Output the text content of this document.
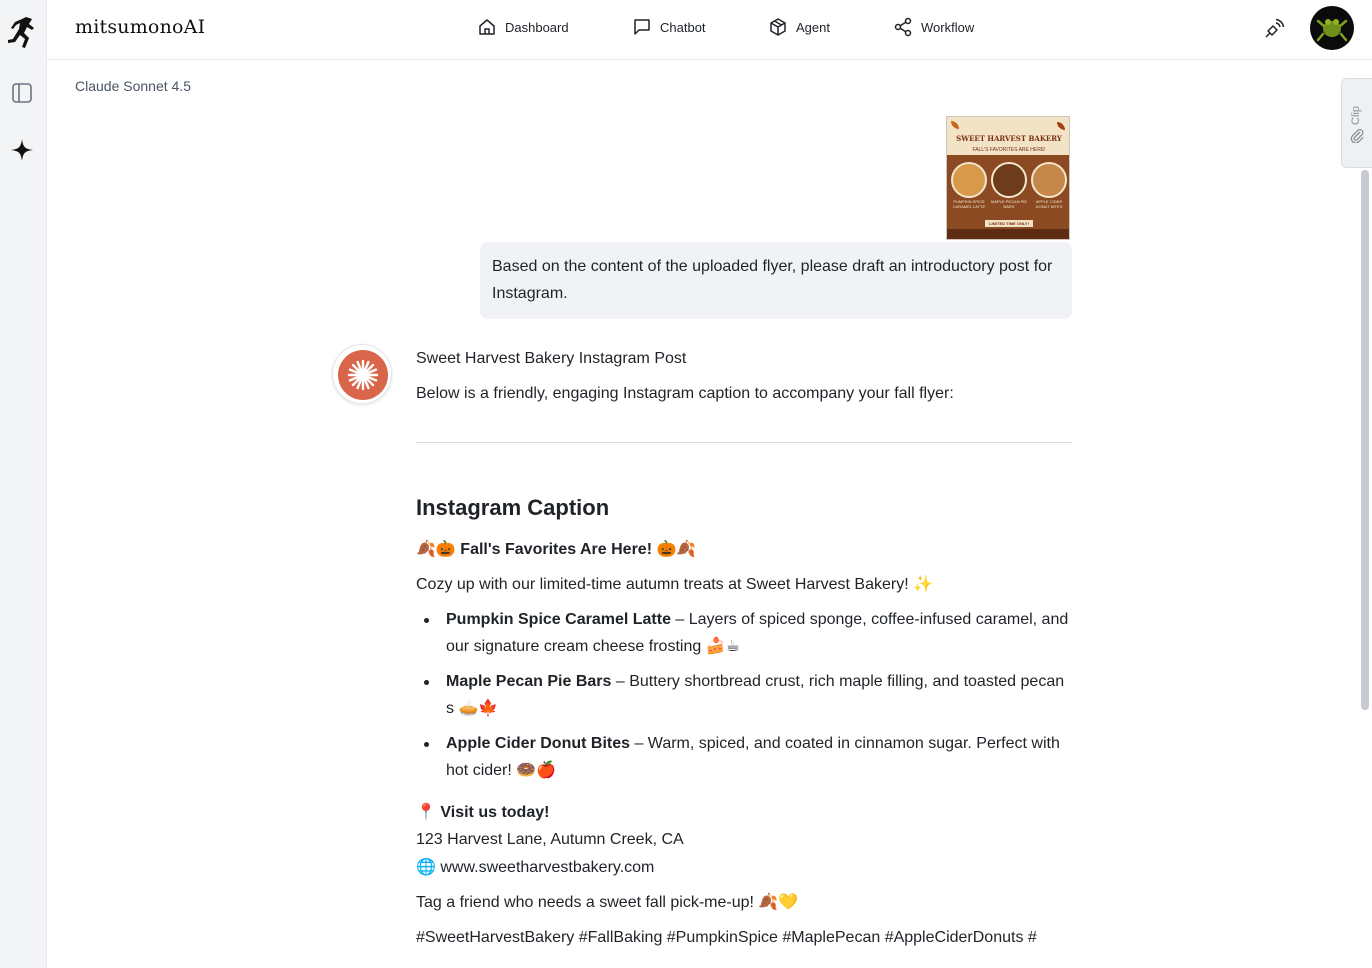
mitsumonoAI	Dashboard	Chatbot	Agent	Workflow
Claude Sonnet 4.5
Clip
SWEET HARVEST BAKERY
FALL'S FAVORITES ARE HERE!
PUMPKIN SPICE CARAMEL LATTE
MAPLE PECAN PIE BARS
APPLE CIDER DONUT BITES
LIMITED TIME ONLY!
Based on the content of the uploaded flyer, please draft an introductory post for Instagram.

Sweet Harvest Bakery Instagram Post

Below is a friendly, engaging Instagram caption to accompany your fall flyer:

Instagram Caption

🍂🎃 Fall's Favorites Are Here! 🎃🍂

Cozy up with our limited-time autumn treats at Sweet Harvest Bakery! ✨

Pumpkin Spice Caramel Latte – Layers of spiced sponge, coffee-infused caramel, and our signature cream cheese frosting 🍰☕
Maple Pecan Pie Bars – Buttery shortbread crust, rich maple filling, and toasted pecans 🥧🍁
Apple Cider Donut Bites – Warm, spiced, and coated in cinnamon sugar. Perfect with hot cider! 🍩🍎

📍 Visit us today!
123 Harvest Lane, Autumn Creek, CA
🌐 www.sweetharvestbakery.com

Tag a friend who needs a sweet fall pick-me-up! 🍂💛

#SweetHarvestBakery #FallBaking #PumpkinSpice #MaplePecan #AppleCiderDonuts #
